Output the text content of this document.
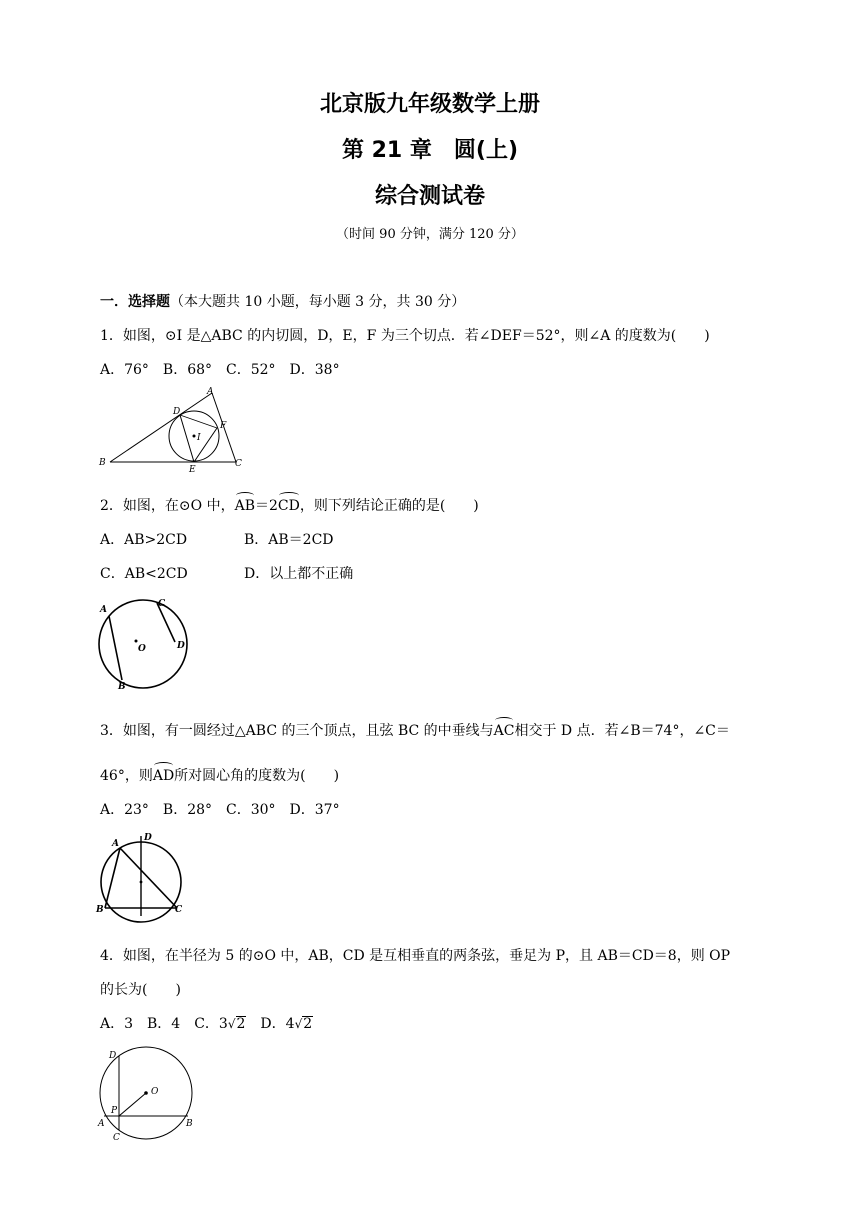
北京版九年级数学上册
第 21 章　圆(上)
综合测试卷
（时间 90 分钟，满分 120 分）
一．选择题（本大题共 10 小题，每小题 3 分，共 30 分）
1．如图，⊙I 是△ABC 的内切圆，D，E，F 为三个切点．若∠DEF＝52°，则∠A 的度数为(　　)
A．76°　B．68°　C．52°　D．38°
A
B	C
D
E
F
I
2．如图，在⊙O 中，AB＝2CD，则下列结论正确的是(　　)
A．AB>2CD	B．AB＝2CD
C．AB<2CD	D．以上都不正确
A
B
C
D
O
3．如图，有一圆经过△ABC 的三个顶点，且弦 BC 的中垂线与AC相交于 D 点．若∠B＝74°，∠C＝
46°，则AD所对圆心角的度数为(　　)
A．23°　B．28°　C．30°　D．37°
A
B	C
D
4．如图，在半径为 5 的⊙O 中，AB，CD 是互相垂直的两条弦，垂足为 P，且 AB＝CD＝8，则 OP
的长为(　　)
A．3　B．4　C．3√2　D．4√2
D
P
O
A
C
B
